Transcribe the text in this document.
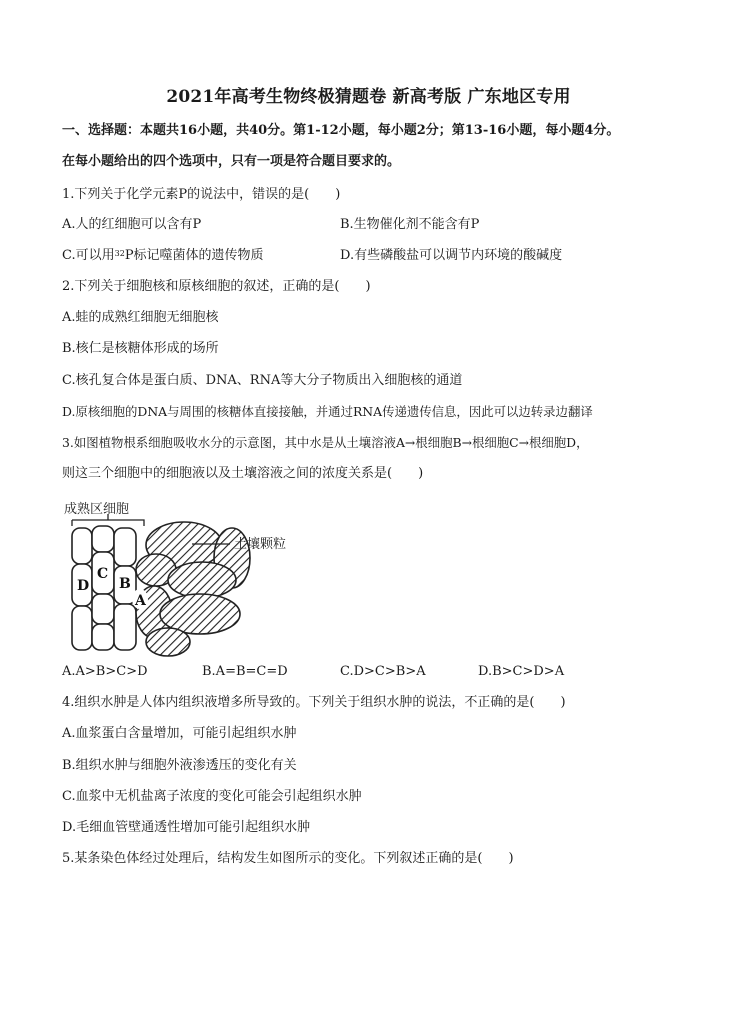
2021年高考生物终极猜题卷 新高考版 广东地区专用
一、选择题：本题共16小题，共40分。第1-12小题，每小题2分；第13-16小题，每小题4分。
在每小题给出的四个选项中，只有一项是符合题目要求的。
1.下列关于化学元素P的说法中，错误的是(　　)
A.人的红细胞可以含有P	B.生物催化剂不能含有P
C.可以用$^{32}$P标记噬菌体的遗传物质	D.有些磷酸盐可以调节内环境的酸碱度
2.下列关于细胞核和原核细胞的叙述，正确的是(　　)
A.蛙的成熟红细胞无细胞核
B.核仁是核糖体形成的场所
C.核孔复合体是蛋白质、DNA、RNA等大分子物质出入细胞核的通道
D.原核细胞的DNA与周围的核糖体直接接触，并通过RNA传递遗传信息，因此可以边转录边翻译
3.如图植物根系细胞吸收水分的示意图，其中水是从土壤溶液A→根细胞B→根细胞C→根细胞D，
则这三个细胞中的细胞液以及土壤溶液之间的浓度关系是(　　)
成熟区细胞
土壤颗粒
D
C
B
A
A.A>B>C>D	B.A=B=C=D	C.D>C>B>A	D.B>C>D>A
4.组织水肿是人体内组织液增多所导致的。下列关于组织水肿的说法，不正确的是(　　)
A.血浆蛋白含量增加，可能引起组织水肿
B.组织水肿与细胞外液渗透压的变化有关
C.血浆中无机盐离子浓度的变化可能会引起组织水肿
D.毛细血管壁通透性增加可能引起组织水肿
5.某条染色体经过处理后，结构发生如图所示的变化。下列叙述正确的是(　　)
